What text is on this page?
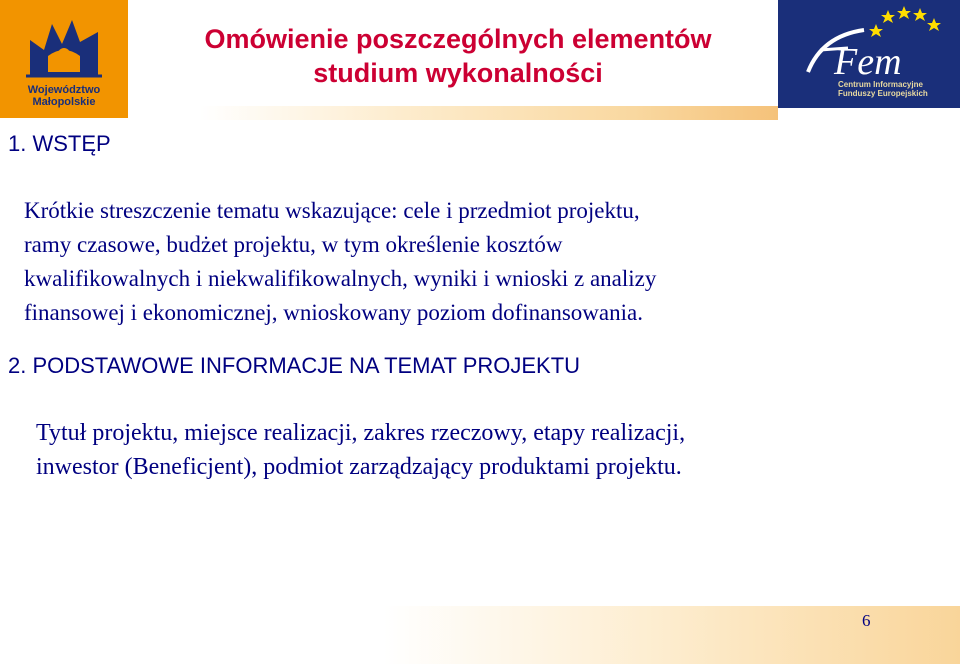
Województwo
Małopolskie
Omówienie poszczególnych elementów
studium wykonalności	Fem
Centrum Informacyjne
Funduszy Europejskich
1. WSTĘP
Krótkie streszczenie tematu wskazujące: cele i przedmiot projektu,
ramy czasowe, budżet projektu, w tym określenie kosztów
kwalifikowalnych i niekwalifikowalnych, wyniki i wnioski z analizy
finansowej i ekonomicznej, wnioskowany poziom dofinansowania.
2. PODSTAWOWE INFORMACJE NA TEMAT PROJEKTU
Tytuł projektu, miejsce realizacji, zakres rzeczowy, etapy realizacji,
inwestor (Beneficjent), podmiot zarządzający produktami projektu.
6
